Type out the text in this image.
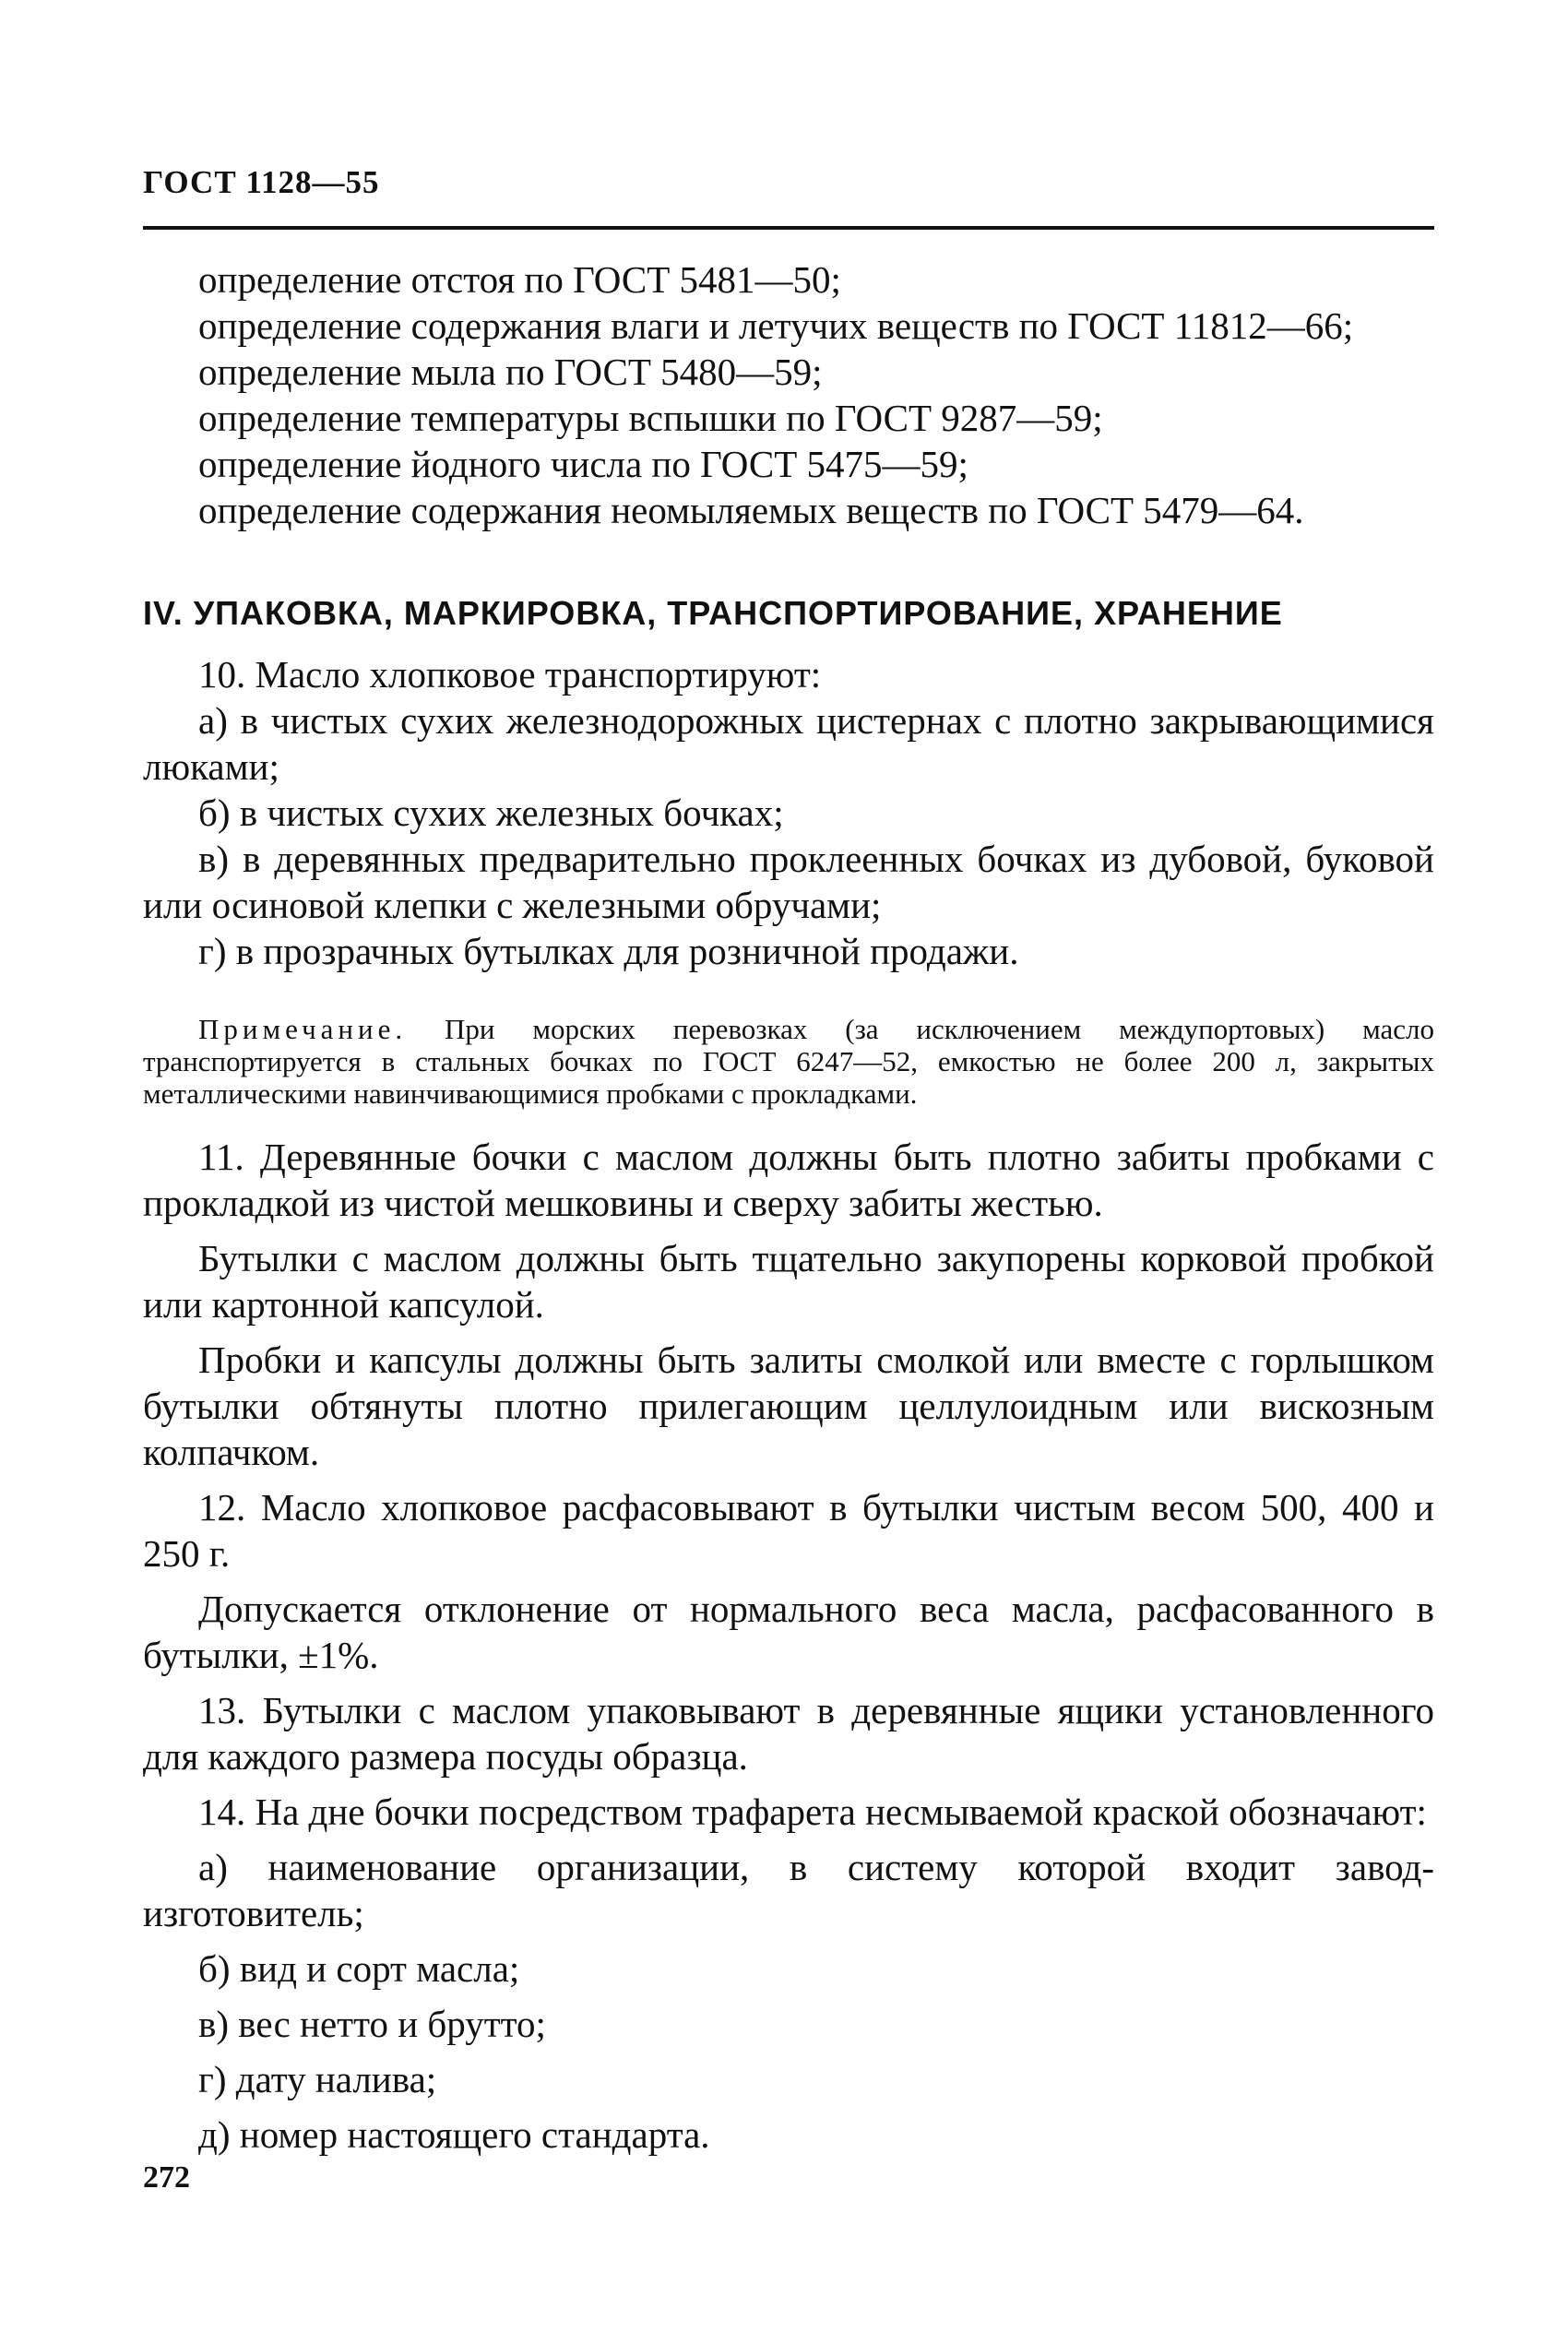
ГОСТ 1128—55

определение отстоя по ГОСТ 5481—50;

определение содержания влаги и летучих веществ по ГОСТ 11812—66;

определение мыла по ГОСТ 5480—59;

определение температуры вспышки по ГОСТ 9287—59;

определение йодного числа по ГОСТ 5475—59;

определение содержания неомыляемых веществ по ГОСТ 5479—64.

IV. УПАКОВКА, МАРКИРОВКА, ТРАНСПОРТИРОВАНИЕ, ХРАНЕНИЕ

10. Масло хлопковое транспортируют:

а) в чистых сухих железнодорожных цистернах с плотно закрывающимися люками;

б) в чистых сухих железных бочках;

в) в деревянных предварительно проклеенных бочках из дубовой, буковой или осиновой клепки с железными обручами;

г) в прозрачных бутылках для розничной продажи.

Примечание. При морских перевозках (за исключением междупортовых) масло транспортируется в стальных бочках по ГОСТ 6247—52, емкостью не более 200 л, закрытых металлическими навинчивающимися пробками с прокладками.

11. Деревянные бочки с маслом должны быть плотно забиты пробками с прокладкой из чистой мешковины и сверху забиты жестью.

Бутылки с маслом должны быть тщательно закупорены корковой пробкой или картонной капсулой.

Пробки и капсулы должны быть залиты смолкой или вместе с горлышком бутылки обтянуты плотно прилегающим целлулоидным или вискозным колпачком.

12. Масло хлопковое расфасовывают в бутылки чистым весом 500, 400 и 250 г.

Допускается отклонение от нормального веса масла, расфасованного в бутылки, ±1%.

13. Бутылки с маслом упаковывают в деревянные ящики установленного для каждого размера посуды образца.

14. На дне бочки посредством трафарета несмываемой краской обозначают:

а) наименование организации, в систему которой входит завод-изготовитель;

б) вид и сорт масла;

в) вес нетто и брутто;

г) дату налива;

д) номер настоящего стандарта.

272
